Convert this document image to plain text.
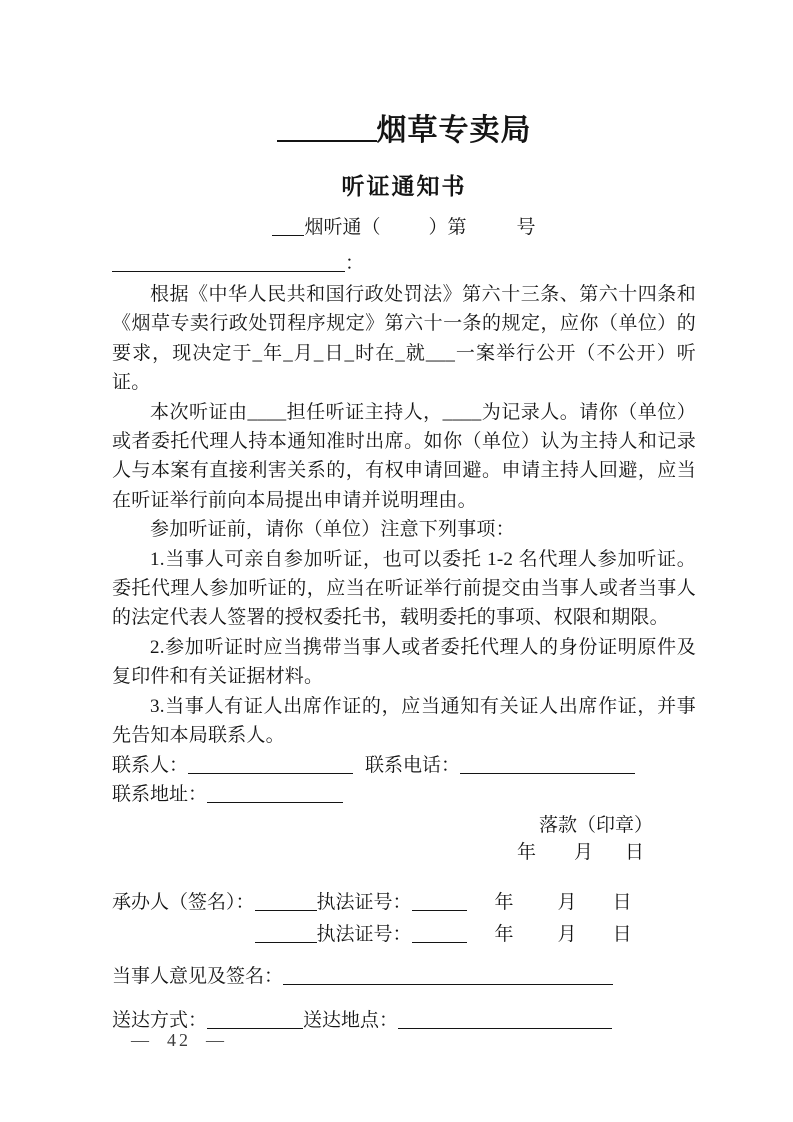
烟草专卖局
听证通知书
烟听通（	）第	号
：

根据《中华人民共和国行政处罚法》第六十三条、第六十四条和《烟草专卖行政处罚程序规定》第六十一条的规定，应你（单位）的要求，现决定于_年_月_日_时在_就___一案举行公开（不公开）听证。

本次听证由____担任听证主持人，____为记录人。请你（单位）或者委托代理人持本通知准时出席。如你（单位）认为主持人和记录人与本案有直接利害关系的，有权申请回避。申请主持人回避，应当在听证举行前向本局提出申请并说明理由。

参加听证前，请你（单位）注意下列事项：

1.当事人可亲自参加听证，也可以委托 1-2 名代理人参加听证。委托代理人参加听证的，应当在听证举行前提交由当事人或者当事人的法定代表人签署的授权委托书，载明委托的事项、权限和期限。

2.参加听证时应当携带当事人或者委托代理人的身份证明原件及复印件和有关证据材料。

3.当事人有证人出席作证的，应当通知有关证人出席作证，并事先告知本局联系人。

联系人：	联系电话：
联系地址：
落款（印章）
年 月 日
承办人（签名）：	执法证号：	年 月 日
执法证号：	年 月 日
当事人意见及签名：
送达方式：	送达地点：
—  42  —
